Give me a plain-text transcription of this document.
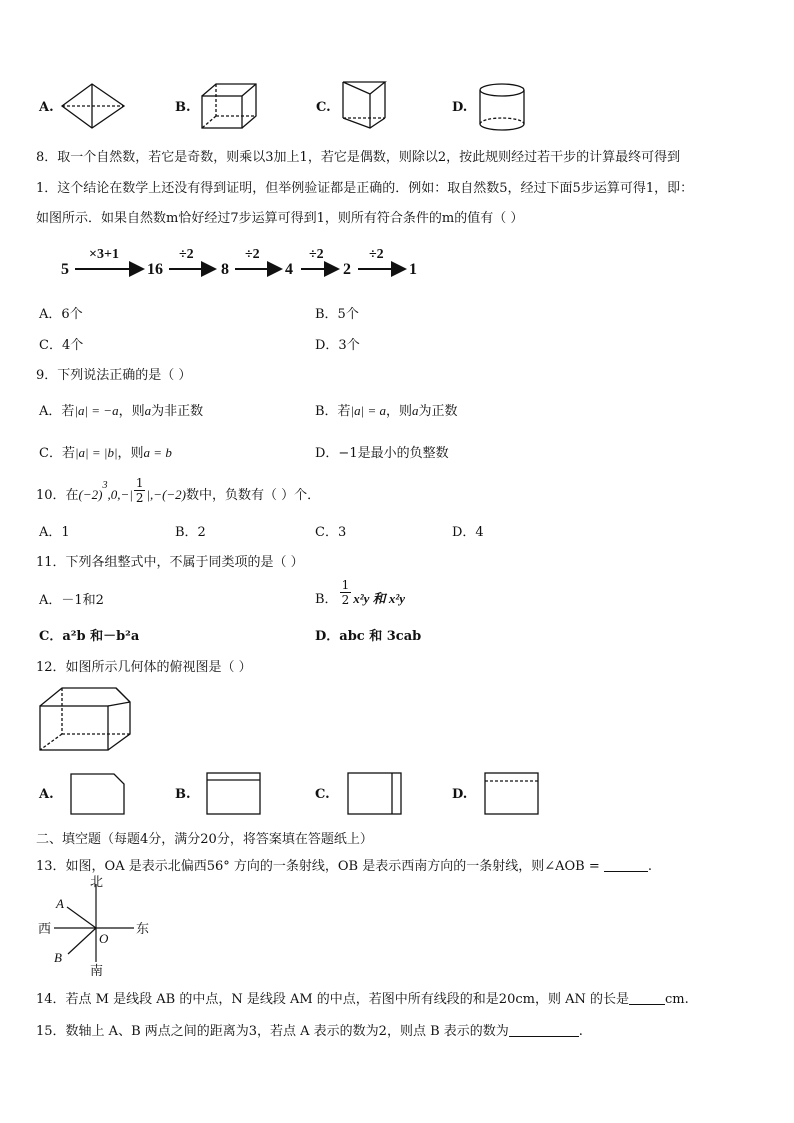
A.	B.	C.	D.
8．取一个自然数，若它是奇数，则乘以3加上1，若它是偶数，则除以2，按此规则经过若干步的计算最终可得到
1．这个结论在数学上还没有得到证明，但举例验证都是正确的．例如：取自然数5，经过下面5步运算可得1，即：
如图所示．如果自然数m恰好经过7步运算可得到1，则所有符合条件的m的值有（ ）
5	16	8	4	2	1
×3+1	÷2	÷2	÷2	÷2
A．6个	B．5个
C．4个	D．3个
9．下列说法正确的是（ ）
A．若|a| = −a，则a为非正数	B．若|a| = a，则a为正数
C．若|a| = |b|，则a = b	D．−1是最小的负整数
10．在$(-2)^3,0,-| \frac{1}{2} |,-(-2)$数中，负数有（ ）个．
A．1	B．2	C．3	D．4
11．下列各组整式中，不属于同类项的是（ ）
A．－1和2	B． $\frac{1}{2} x^2y$ 和 x²y
C．a²b 和－b²a	D．abc 和 3cab
12．如图所示几何体的俯视图是（ ）
A.	B.	C.	D.
二、填空题（每题4分，满分20分，将答案填在答题纸上）
13．如图，OA 是表示北偏西56° 方向的一条射线，OB 是表示西南方向的一条射线，则∠AOB =	.
北
南
西	东
A
B
O
14．若点 M 是线段 AB 的中点，N 是线段 AM 的中点，若图中所有线段的和是20cm，则 AN 的长是	cm.
15．数轴上 A、B 两点之间的距离为3，若点 A 表示的数为2，则点 B 表示的数为	.
